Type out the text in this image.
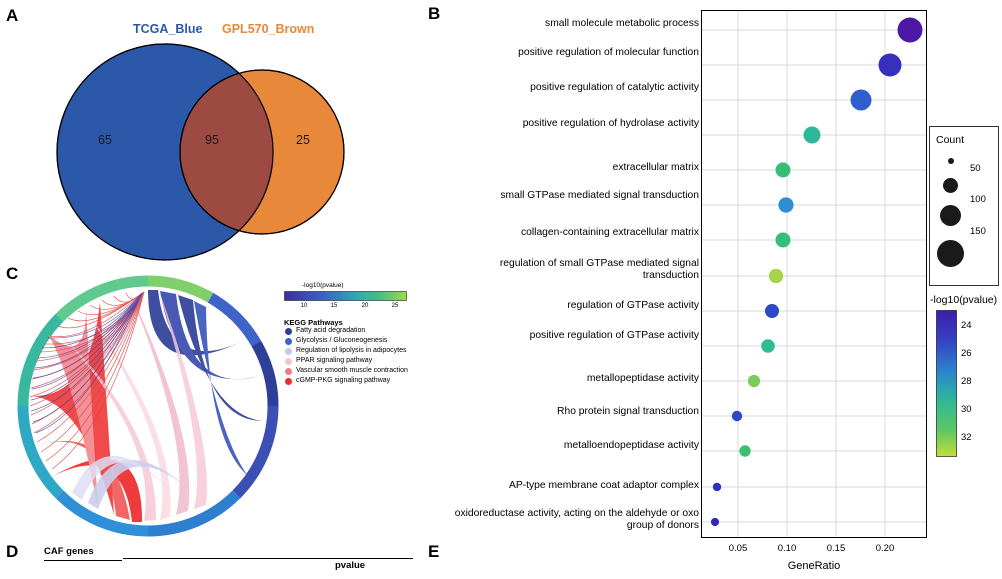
A
TCGA_Blue GPL570_Brown
65	95	25
B
small molecule metabolic process
positive regulation of molecular function
positive regulation of catalytic activity
positive regulation of hydrolase activity
extracellular matrix
small GTPase mediated signal transduction
collagen-containing extracellular matrix
regulation of small GTPase mediated signal transduction
regulation of GTPase activity
positive regulation of GTPase activity
metallopeptidase activity
Rho protein signal transduction
metalloendopeptidase activity
AP-type membrane coat adaptor complex
oxidoreductase activity, acting on the aldehyde or oxo group of donors
0.05	0.10	0.15	0.20
GeneRatio
Count
50
100
150
-log10(pvalue)
24
26
28
30
32
C
-log10(pvalue)
10	15	20	25
KEGG Pathways
Fatty acid degradation
Glycolysis / Gluconeogenesis
Regulation of lipolysis in adipocytes
PPAR signaling pathway
Vascular smooth muscle contraction
cGMP-PKG signaling pathway
D	CAF genes
pvalue
E
